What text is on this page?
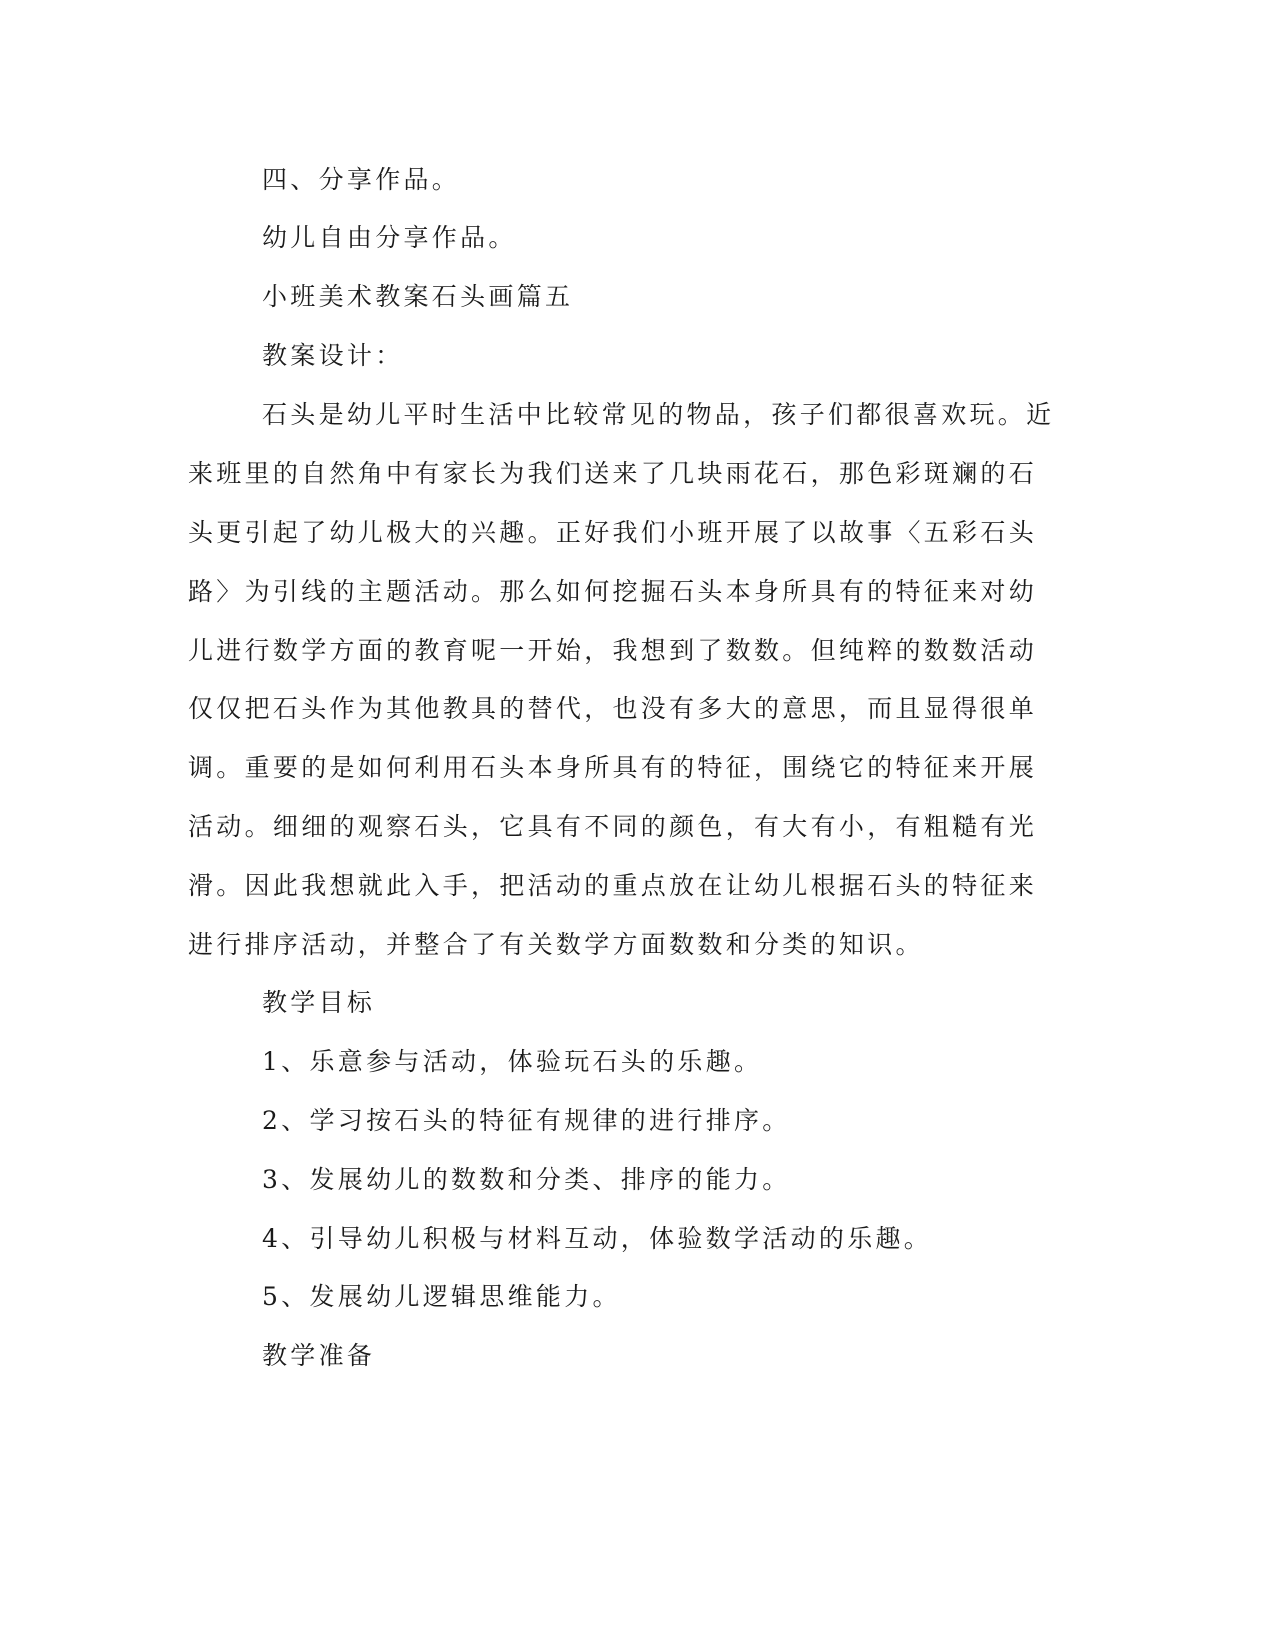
四、分享作品。
幼儿自由分享作品。
小班美术教案石头画篇五
教案设计：
石头是幼儿平时生活中比较常见的物品，孩子们都很喜欢玩。近
来班里的自然角中有家长为我们送来了几块雨花石，那色彩斑斓的石
头更引起了幼儿极大的兴趣。正好我们小班开展了以故事〈五彩石头
路〉为引线的主题活动。那么如何挖掘石头本身所具有的特征来对幼
儿进行数学方面的教育呢一开始，我想到了数数。但纯粹的数数活动
仅仅把石头作为其他教具的替代，也没有多大的意思，而且显得很单
调。重要的是如何利用石头本身所具有的特征，围绕它的特征来开展
活动。细细的观察石头，它具有不同的颜色，有大有小，有粗糙有光
滑。因此我想就此入手，把活动的重点放在让幼儿根据石头的特征来
进行排序活动，并整合了有关数学方面数数和分类的知识。
教学目标
1、乐意参与活动，体验玩石头的乐趣。
2、学习按石头的特征有规律的进行排序。
3、发展幼儿的数数和分类、排序的能力。
4、引导幼儿积极与材料互动，体验数学活动的乐趣。
5、发展幼儿逻辑思维能力。
教学准备
